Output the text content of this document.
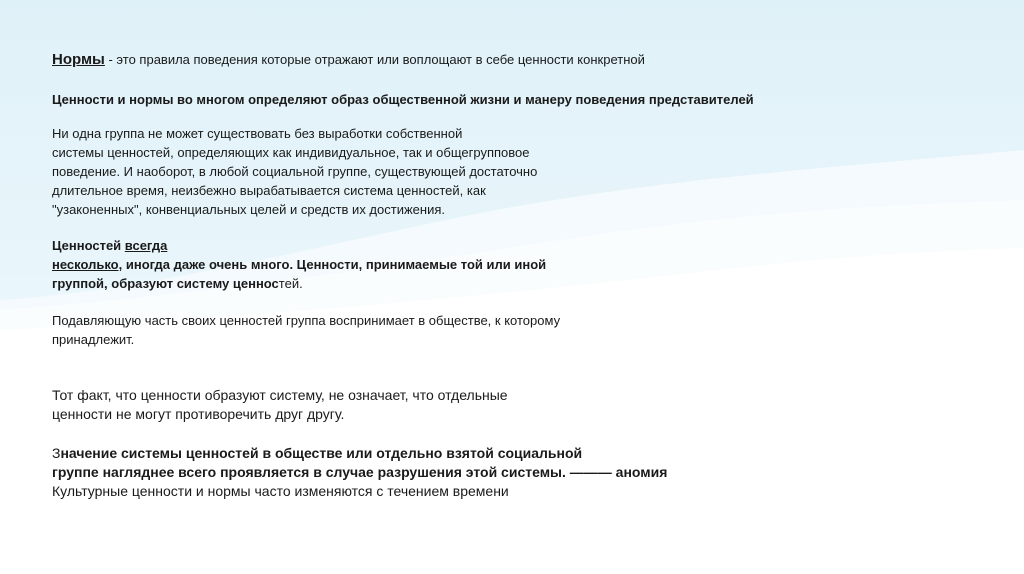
Нормы - это правила поведения которые отражают или воплощают в себе ценности конкретной

Ценности и нормы во многом определяют образ общественной жизни и манеру поведения представителей

Ни одна группа не может существовать без выработки собственной

системы ценностей, определяющих как индивидуальное, так и общегрупповое

поведение. И наоборот, в любой социальной группе, существующей достаточно

длительное время, неизбежно вырабатывается система ценностей, как

"узаконенных", конвенциальных целей и средств их достижения.

Ценностей всегда

несколько, иногда даже очень много. Ценности, принимаемые той или иной

группой, образуют систему ценностей.

Подавляющую часть своих ценностей группа воспринимает в обществе, к которому

принадлежит.

Тот факт, что ценности образуют систему, не означает, что отдельные

ценности не могут противоречить друг другу.

Значение системы ценностей в обществе или отдельно взятой социальной

группе нагляднее всего проявляется в случае разрушения этой системы. ——— аномия

Культурные ценности и нормы часто изменяются с течением времени
